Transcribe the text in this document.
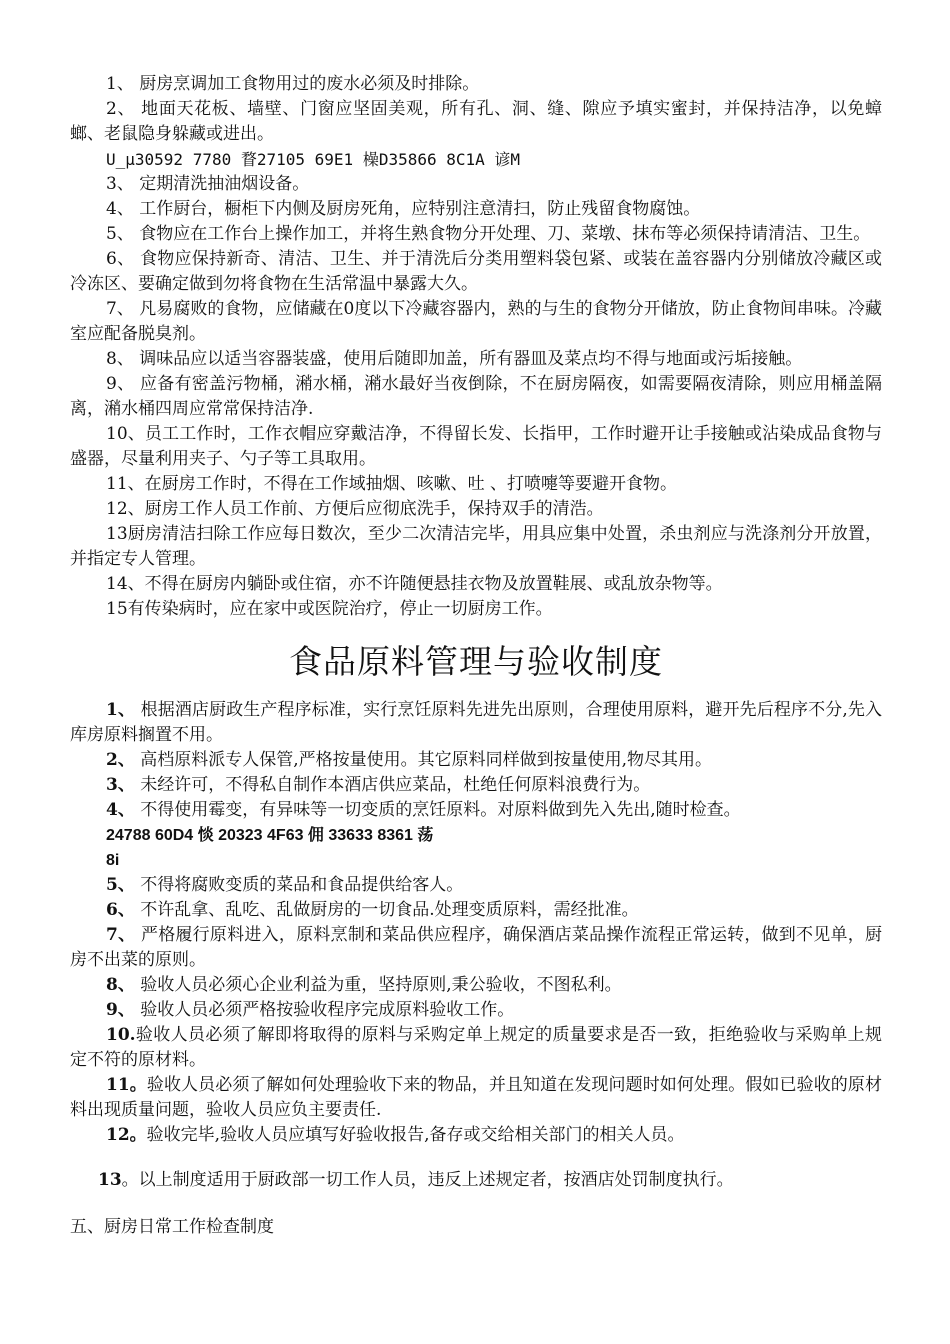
1、 厨房烹调加工食物用过的废水必须及时排除。

2、 地面天花板、墙壁、门窗应坚固美观，所有孔、洞、缝、隙应予填实蜜封，并保持洁净，以免蟑螂、老鼠隐身躲藏或进出。

U_μ30592 7780 瞀27105 69E1 橾D35866 8C1A 谚M

3、 定期清洗抽油烟设备。

4、 工作厨台，橱柜下内侧及厨房死角，应特别注意清扫，防止残留食物腐蚀。

5、 食物应在工作台上操作加工，并将生熟食物分开处理、刀、菜墩、抹布等必须保持请清洁、卫生。

6、 食物应保持新奇、清洁、卫生、并于清洗后分类用塑料袋包紧、或装在盖容器内分别储放冷藏区或冷冻区、要确定做到勿将食物在生活常温中暴露大久。

7、 凡易腐败的食物，应储藏在0度以下冷藏容器内，熟的与生的食物分开储放，防止食物间串味。冷藏室应配备脱臭剂。

8、 调味品应以适当容器装盛，使用后随即加盖，所有器皿及菜点均不得与地面或污垢接触。

9、 应备有密盖污物桶，潲水桶，潲水最好当夜倒除，不在厨房隔夜，如需要隔夜清除，则应用桶盖隔离，潲水桶四周应常常保持洁净.

10、员工工作时，工作衣帽应穿戴洁净，不得留长发、长指甲，工作时避开让手接触或沾染成品食物与盛器，尽量利用夹子、勺子等工具取用。

11、在厨房工作时，不得在工作域抽烟、咳嗽、吐 、打喷嚏等要避开食物。

12、厨房工作人员工作前、方便后应彻底洗手，保持双手的清浩。

13厨房清洁扫除工作应每日数次，至少二次清洁完毕，用具应集中处置，杀虫剂应与洗涤剂分开放置，并指定专人管理。

14、不得在厨房内躺卧或住宿，亦不许随便悬挂衣物及放置鞋展、或乱放杂物等。

15有传染病时，应在家中或医院治疗，停止一切厨房工作。

食品原料管理与验收制度

1、 根据酒店厨政生产程序标准，实行烹饪原料先进先出原则，合理使用原料，避开先后程序不分,先入库房原料搁置不用。

2、 高档原料派专人保管,严格按量使用。其它原料同样做到按量使用,物尽其用。

3、 未经许可，不得私自制作本酒店供应菜品，杜绝任何原料浪费行为。

4、 不得使用霉变，有异味等一切变质的烹饪原料。对原料做到先入先出,随时检查。

24788 60D4 惔 20323 4F63 佣 33633 8361 荡

8i

5、 不得将腐败变质的菜品和食品提供给客人。

6、 不许乱拿、乱吃、乱做厨房的一切食品.处理变质原料，需经批准。

7、 严格履行原料进入，原料烹制和菜品供应程序，确保酒店菜品操作流程正常运转，做到不见单，厨房不出菜的原则。

8、 验收人员必须心企业利益为重，坚持原则,秉公验收，不图私利。

9、 验收人员必须严格按验收程序完成原料验收工作。

10.验收人员必须了解即将取得的原料与采购定单上规定的质量要求是否一致，拒绝验收与采购单上规定不符的原材料。

11。验收人员必须了解如何处理验收下来的物品，并且知道在发现问题时如何处理。假如已验收的原材料出现质量问题，验收人员应负主要责任.

12。验收完毕,验收人员应填写好验收报告,备存或交给相关部门的相关人员。

13。以上制度适用于厨政部一切工作人员，违反上述规定者，按酒店处罚制度执行。

五、厨房日常工作检查制度
